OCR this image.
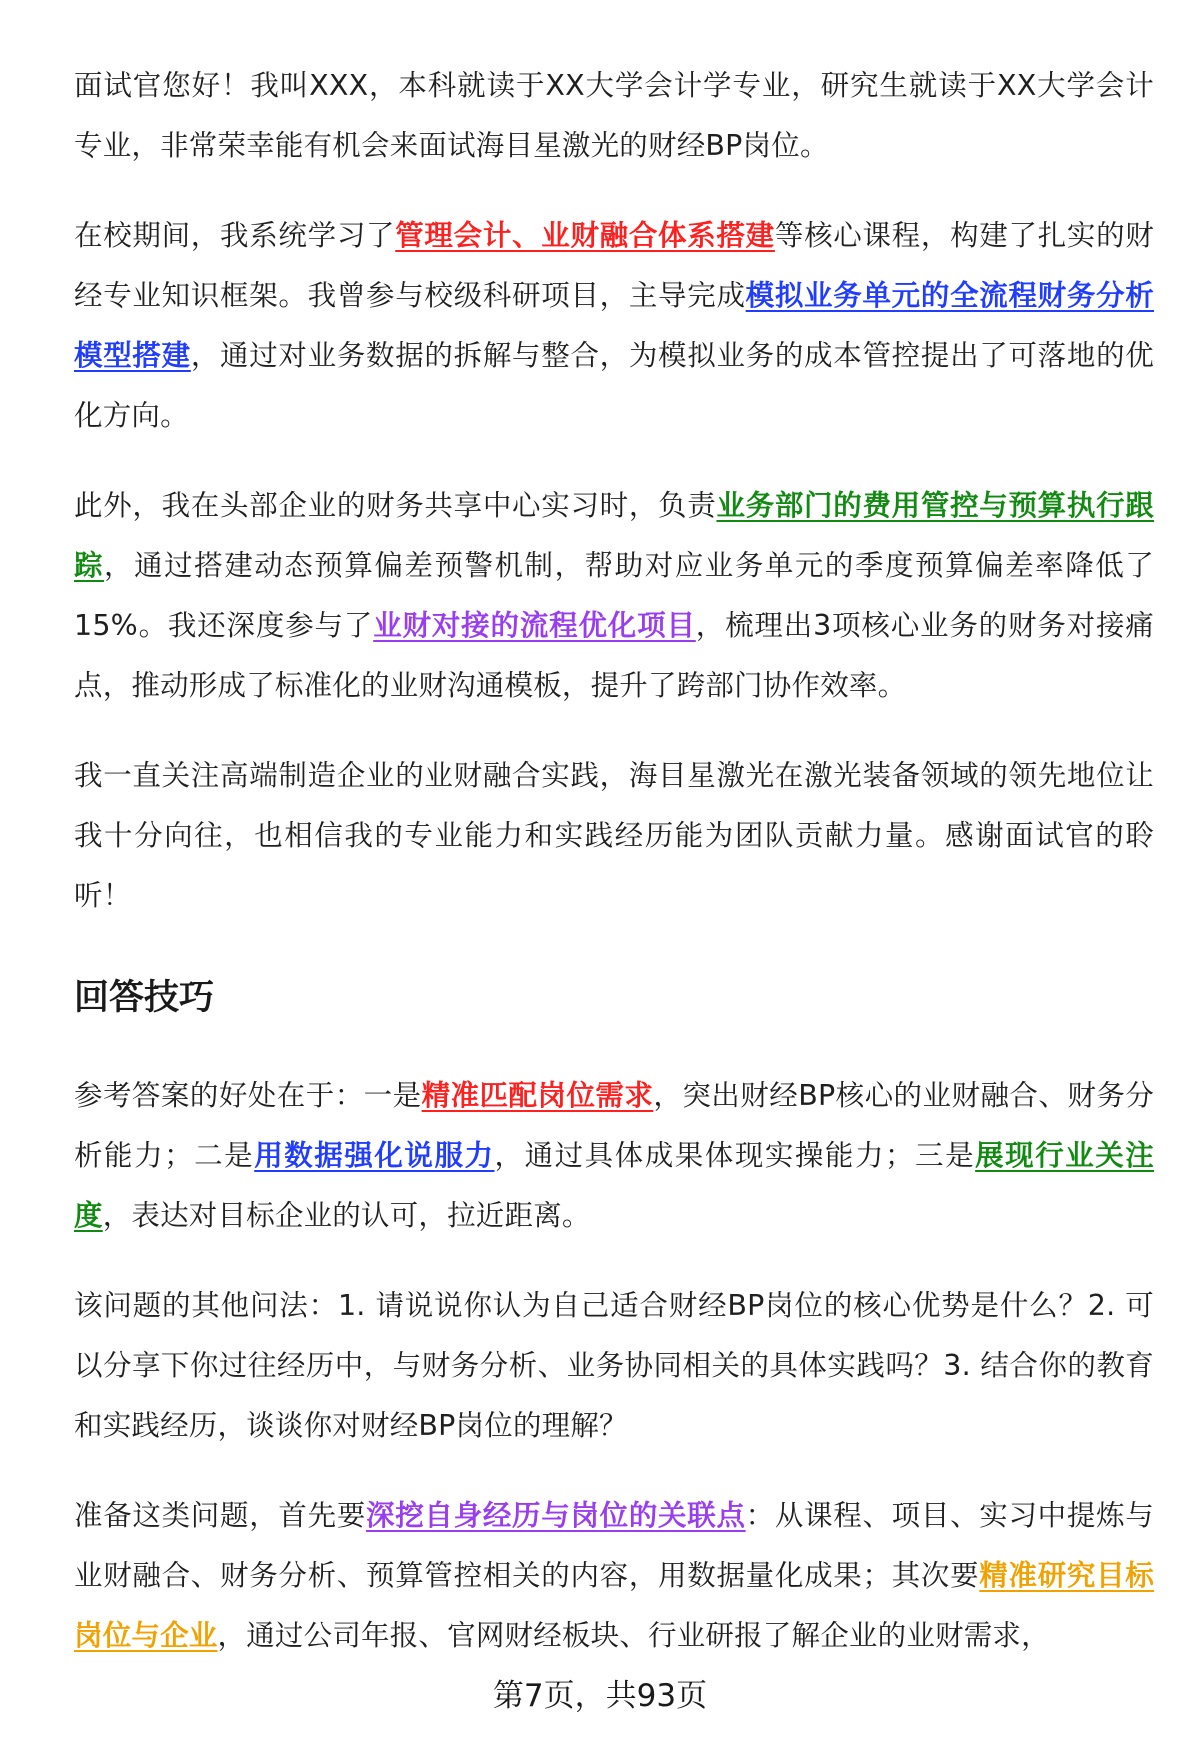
面试官您好！我叫XXX，本科就读于XX大学会计学专业，研究生就读于XX大学会计专业，非常荣幸能有机会来面试海目星激光的财经BP岗位。

在校期间，我系统学习了管理会计、业财融合体系搭建等核心课程，构建了扎实的财经专业知识框架。我曾参与校级科研项目，主导完成模拟业务单元的全流程财务分析模型搭建，通过对业务数据的拆解与整合，为模拟业务的成本管控提出了可落地的优化方向。

此外，我在头部企业的财务共享中心实习时，负责业务部门的费用管控与预算执行跟踪，通过搭建动态预算偏差预警机制，帮助对应业务单元的季度预算偏差率降低了15%。我还深度参与了业财对接的流程优化项目，梳理出3项核心业务的财务对接痛点，推动形成了标准化的业财沟通模板，提升了跨部门协作效率。

我一直关注高端制造企业的业财融合实践，海目星激光在激光装备领域的领先地位让我十分向往，也相信我的专业能力和实践经历能为团队贡献力量。感谢面试官的聆听！

回答技巧

参考答案的好处在于：一是精准匹配岗位需求，突出财经BP核心的业财融合、财务分析能力；二是用数据强化说服力，通过具体成果体现实操能力；三是展现行业关注度，表达对目标企业的认可，拉近距离。

该问题的其他问法：1. 请说说你认为自己适合财经BP岗位的核心优势是什么？2. 可以分享下你过往经历中，与财务分析、业务协同相关的具体实践吗？3. 结合你的教育和实践经历，谈谈你对财经BP岗位的理解？

准备这类问题，首先要深挖自身经历与岗位的关联点：从课程、项目、实习中提炼与业财融合、财务分析、预算管控相关的内容，用数据量化成果；其次要精准研究目标岗位与企业，通过公司年报、官网财经板块、行业研报了解企业的业财需求，

第7页，共93页
